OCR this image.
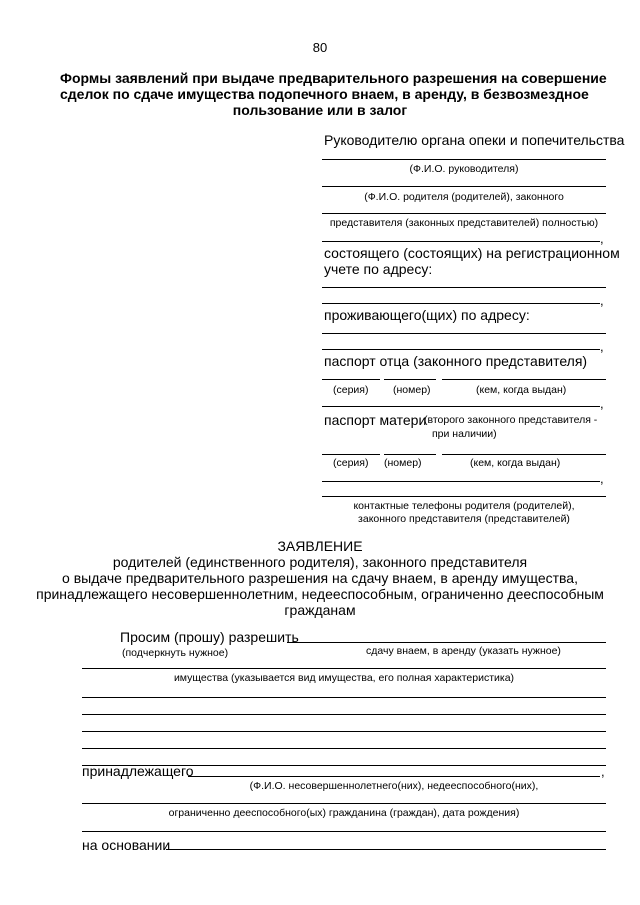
80
Формы заявлений при выдаче предварительного разрешения на совершение
сделок по сдаче имущества подопечного внаем, в аренду, в безвозмездное
пользование или в залог
Руководителю органа опеки и попечительства
(Ф.И.О. руководителя)
(Ф.И.О. родителя (родителей), законного
представителя (законных представителей) полностью)
,
состоящего (состоящих) на регистрационном
учете по адресу:
,
проживающего(щих) по адресу:
,
паспорт отца (законного представителя)
(серия) (номер)	(кем, когда выдан)
,
паспорт матери
(второго законного представителя -
при наличии)
(серия) (номер)	(кем, когда выдан)
,
контактные телефоны родителя (родителей),
законного представителя (представителей)
ЗАЯВЛЕНИЕ
родителей (единственного родителя), законного представителя
о выдаче предварительного разрешения на сдачу внаем, в аренду имущества,
принадлежащего несовершеннолетним, недееспособным, ограниченно дееспособным
гражданам
Просим (прошу) разрешить
(подчеркнуть нужное)	сдачу внаем, в аренду (указать нужное)
имущества (указывается вид имущества, его полная характеристика)
принадлежащего	,
(Ф.И.О. несовершеннолетнего(них), недееспособного(них),
ограниченно дееспособного(ых) гражданина (граждан), дата рождения)
на основании
